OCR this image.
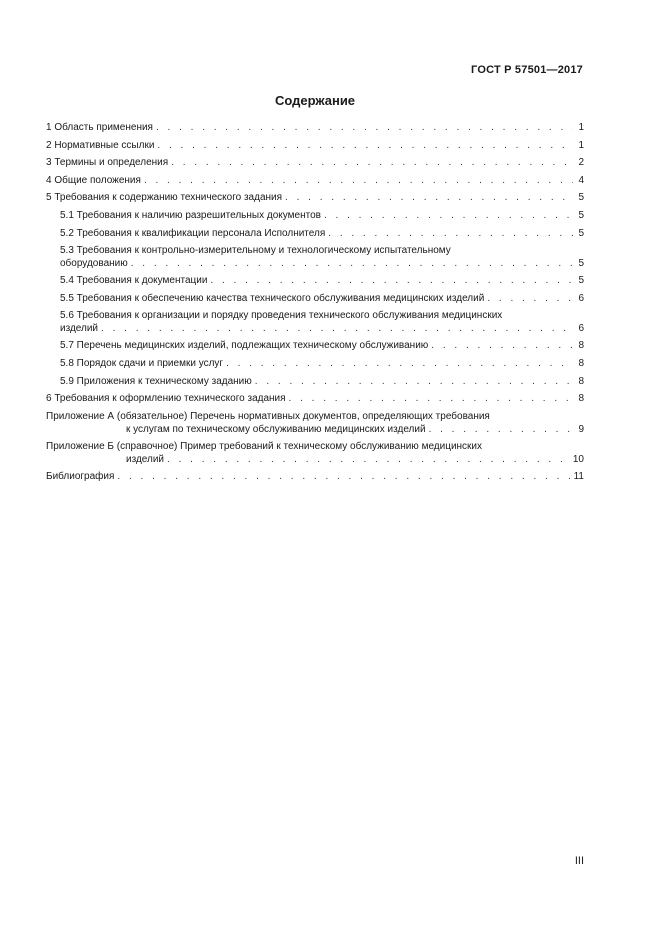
ГОСТ Р 57501—2017
Содержание
1 Область применения . . .	1
2 Нормативные ссылки . . .	1
3 Термины и определения . . .	2
4 Общие положения . . .	4
5 Требования к содержанию технического задания . . .	5
5.1 Требования к наличию разрешительных документов . . .	5
5.2 Требования к квалификации персонала Исполнителя . . .	5
5.3 Требования к контрольно-измерительному и технологическому испытательному
оборудованию . . .	5
5.4 Требования к документации . . .	5
5.5 Требования к обеспечению качества технического обслуживания медицинских изделий . . .	6
5.6 Требования к организации и порядку проведения технического обслуживания медицинских
изделий . . .	6
5.7 Перечень медицинских изделий, подлежащих техническому обслуживанию . . .	8
5.8 Порядок сдачи и приемки услуг . . .	8
5.9 Приложения к техническому заданию . . .	8
6 Требования к оформлению технического задания . . .	8
Приложение А (обязательное) Перечень нормативных документов, определяющих требования
к услугам по техническому обслуживанию медицинских изделий . . .	9
Приложение Б (справочное) Пример требований к техническому обслуживанию медицинских
изделий . . .	10
Библиография . . .	11
III
